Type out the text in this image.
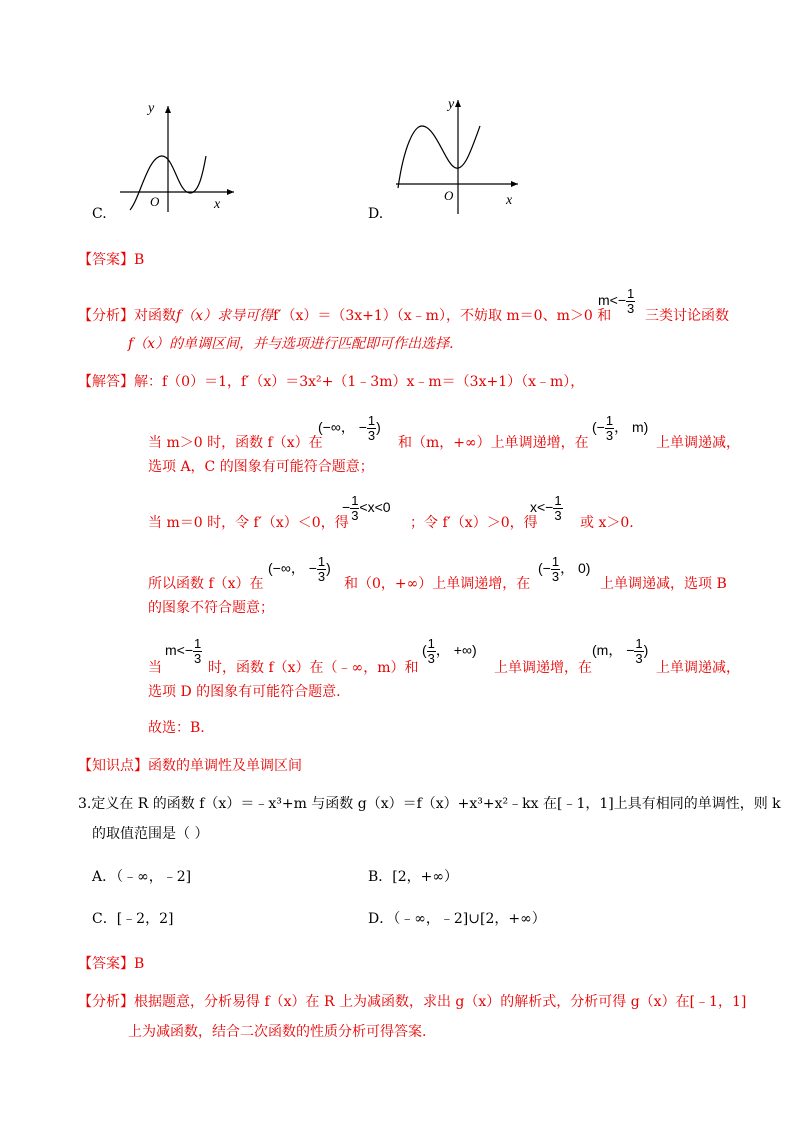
y
x
O
C.
y
x
O
D.
【答案】B
【分析】对函数f（x）求导可得f′（x）＝（3x+1）（x﹣m），不妨取 m＝0、m＞0 和
$m<- \frac{1}{3}$ 三类讨论函数
f（x）的单调区间，并与选项进行匹配即可作出选择.
【解答】解：f（0）＝1，f′（x）＝3x²+（1﹣3m）x﹣m＝（3x+1）（x﹣m），
当 m＞0 时，函数 f（x）在
(−∞， − $\frac{1}{3}$ )
和（m，+∞）上单调递增，在
(− $\frac{1}{3}$ ， m)
上单调递减，
选项 A，C 的图象有可能符合题意；
当 m＝0 时，令 f′（x）＜0，得
− $\frac{1}{3} <x<0$
；令 f′（x）＞0，得
$x<- \frac{1}{3}$ 或 x＞0.
所以函数 f（x）在
(−∞， − $\frac{1}{3}$ )
和（0，+∞）上单调递增，在
(− $\frac{1}{3}$ ， 0)
上单调递减，选项 B
的图象不符合题意；
$m<- \frac{1}{3}$
当	时，函数 f（x）在（﹣∞，m）和
( $\frac{1}{3}$ ， +∞)
上单调递增，在
(m， − $\frac{1}{3}$ )
上单调递减，
选项 D 的图象有可能符合题意.
故选：B.
【知识点】函数的单调性及单调区间
3.定义在 R 的函数 f（x）＝﹣x³+m 与函数 g（x）＝f（x）+x³+x²﹣kx 在[﹣1，1]上具有相同的单调性，则 k
的取值范围是（ ）
A．（﹣∞，﹣2]	B．[2，+∞）
C．[﹣2，2]	D．（﹣∞，﹣2]∪[2，+∞）
【答案】B
【分析】根据题意，分析易得 f（x）在 R 上为减函数，求出 g（x）的解析式，分析可得 g（x）在[﹣1，1]
上为减函数，结合二次函数的性质分析可得答案.
